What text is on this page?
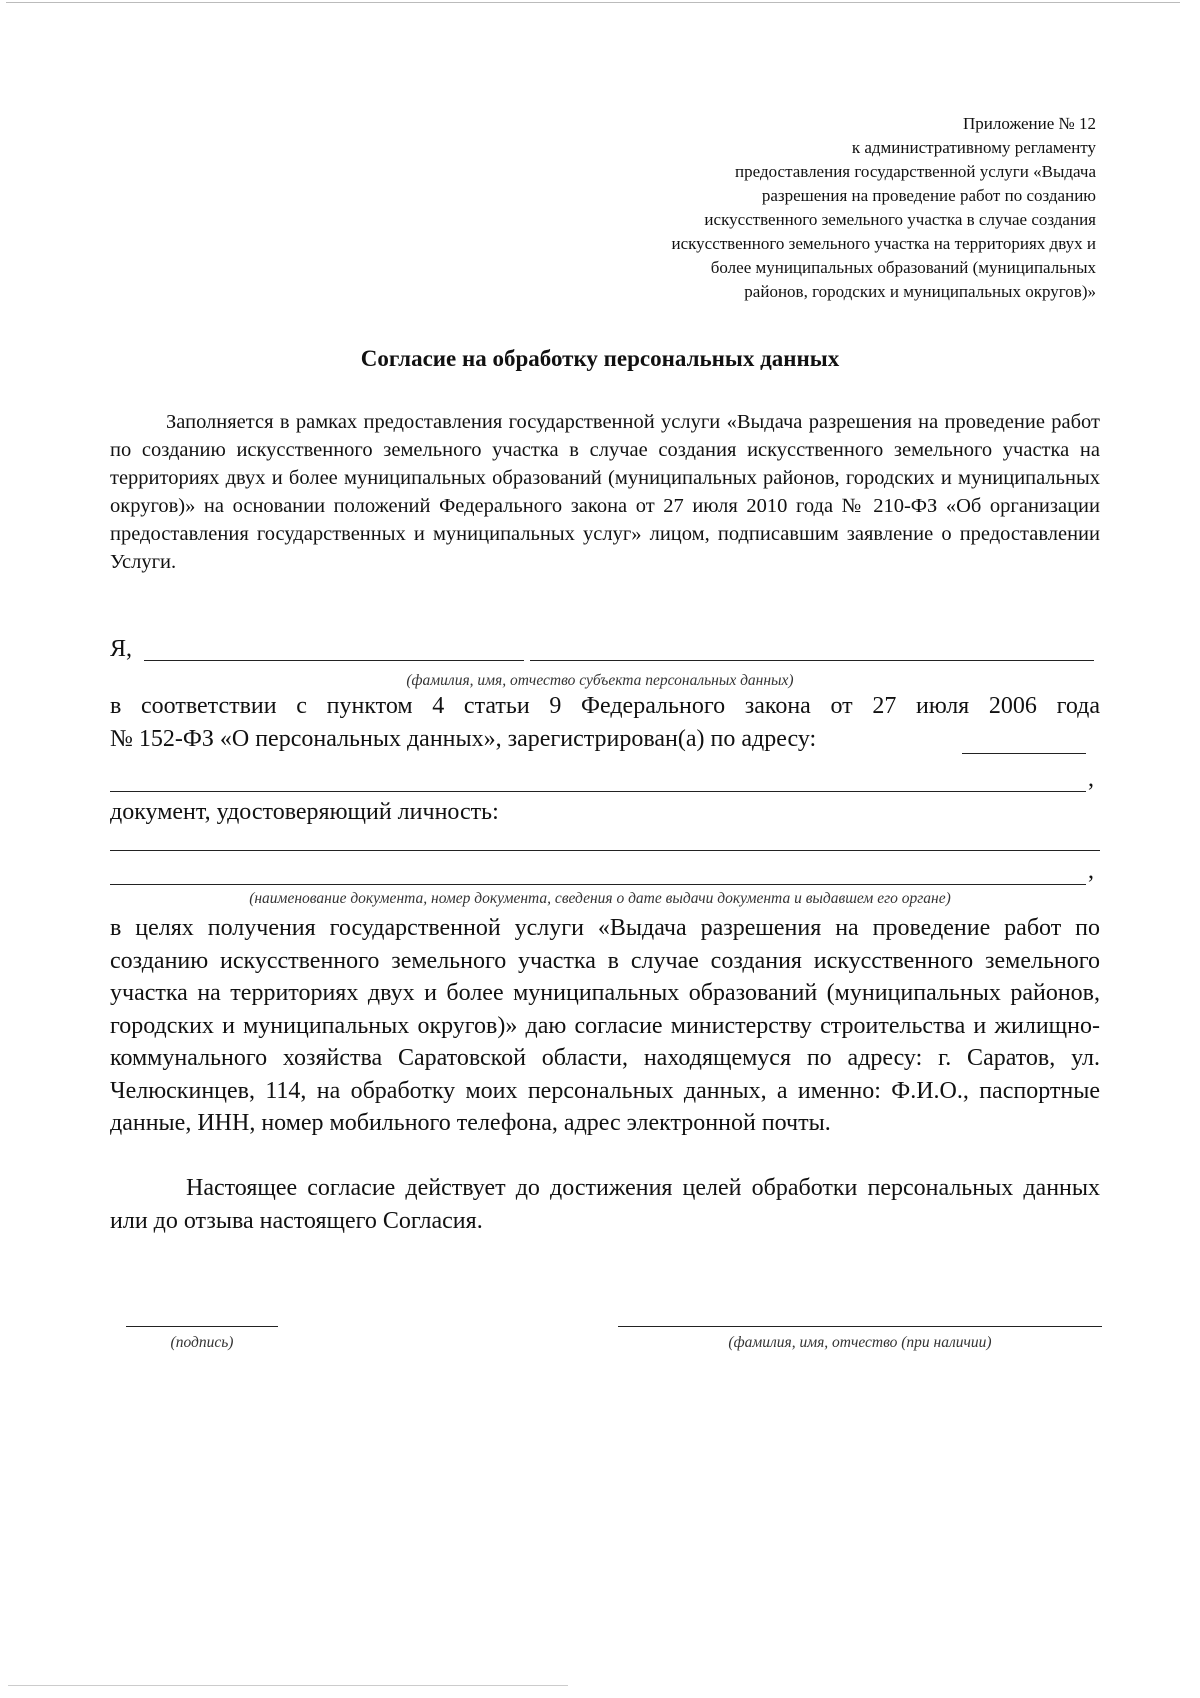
Приложение № 12
к административному регламенту
предоставления государственной услуги «Выдача
разрешения на проведение работ по созданию
искусственного земельного участка в случае создания
искусственного земельного участка на территориях двух и
более муниципальных образований (муниципальных
районов, городских и муниципальных округов)»
Согласие на обработку персональных данных
Заполняется в рамках предоставления государственной услуги «Выдача разрешения на проведение работ по созданию искусственного земельного участка в случае создания искусственного земельного участка на территориях двух и более муниципальных образований (муниципальных районов, городских и муниципальных округов)» на основании положений Федерального закона от 27 июля 2010 года № 210-ФЗ «Об организации предоставления государственных и муниципальных услуг» лицом, подписавшим заявление о предоставлении Услуги.
Я,
(фамилия, имя, отчество субъекта персональных данных)
в соответствии с пунктом 4 статьи 9 Федерального закона от 27 июля 2006 года
№ 152-ФЗ «О персональных данных», зарегистрирован(а) по адресу:
,
документ, удостоверяющий личность:
,
(наименование документа, номер документа, сведения о дате выдачи документа и выдавшем его органе)
в целях получения государственной услуги «Выдача разрешения на проведение работ по созданию искусственного земельного участка в случае создания искусственного земельного участка на территориях двух и более муниципальных образований (муниципальных районов, городских и муниципальных округов)» даю согласие министерству строительства и жилищно-коммунального хозяйства Саратовской области, находящемуся по адресу: г. Саратов, ул. Челюскинцев, 114, на обработку моих персональных данных, а именно: Ф.И.О., паспортные данные, ИНН, номер мобильного телефона, адрес электронной почты.
Настоящее согласие действует до достижения целей обработки персональных данных или до отзыва настоящего Согласия.
(подпись)	(фамилия, имя, отчество (при наличии)
